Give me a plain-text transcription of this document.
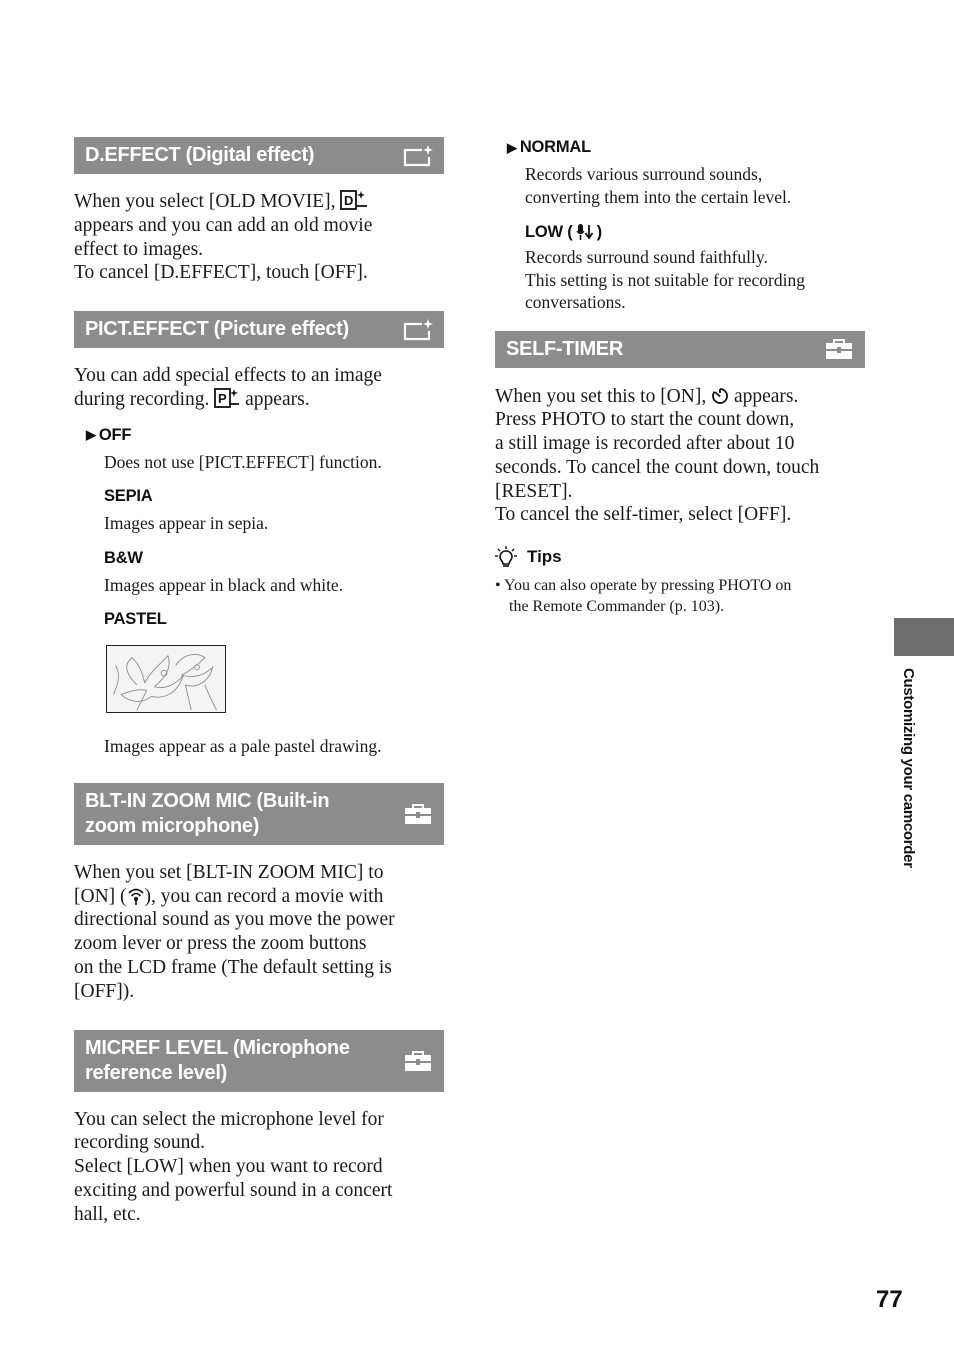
D.EFFECT (Digital effect)

When you select [OLD MOVIE], D

appears and you can add an old movie

effect to images.

To cancel [D.EFFECT], touch [OFF].

PICT.EFFECT (Picture effect)

You can add special effects to an image

during recording. P appears.

▶ OFF
Does not use [PICT.EFFECT] function.
SEPIA
Images appear in sepia.
B&W
Images appear in black and white.
PASTEL
Images appear as a pale pastel drawing.
BLT-IN ZOOM MIC (Built-in
zoom microphone)

When you set [BLT-IN ZOOM MIC] to

[ON] ( ), you can record a movie with

directional sound as you move the power

zoom lever or press the zoom buttons

on the LCD frame (The default setting is

[OFF]).

MICREF LEVEL (Microphone
reference level)

You can select the microphone level for

recording sound.

Select [LOW] when you want to record

exciting and powerful sound in a concert

hall, etc.

▶ NORMAL
Records various surround sounds,
converting them into the certain level.
LOW ( )
Records surround sound faithfully.
This setting is not suitable for recording
conversations.
SELF-TIMER

When you set this to [ON], appears.

Press PHOTO to start the count down,

a still image is recorded after about 10

seconds. To cancel the count down, touch

[RESET].

To cancel the self-timer, select [OFF].

Tips
• You can also operate by pressing PHOTO on
the Remote Commander (p. 103).
Customizing your camcorder
77
